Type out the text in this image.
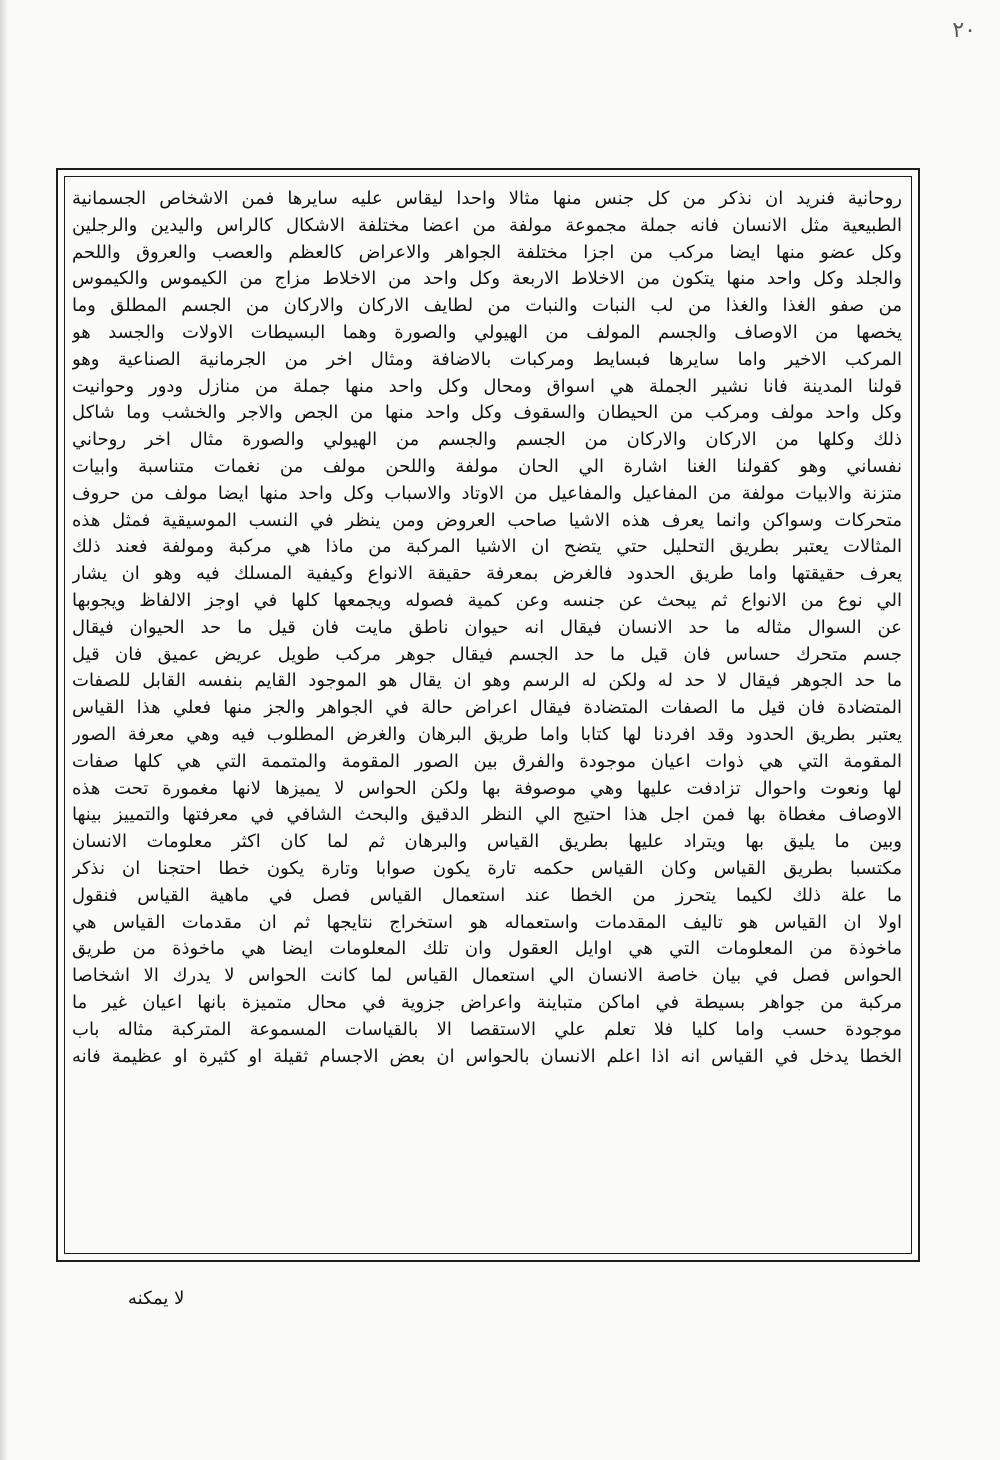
٢٠
روحانية فنريد ان نذكر من كل جنس منها مثالا واحدا ليقاس عليه سايرها فمن الاشخاص الجسمانية
الطبيعية مثل الانسان فانه جملة مجموعة مولفة من اعضا مختلفة الاشكال كالراس واليدين والرجلين
وكل عضو منها ايضا مركب من اجزا مختلفة الجواهر والاعراض كالعظم والعصب والعروق واللحم
والجلد وكل واحد منها يتكون من الاخلاط الاربعة وكل واحد من الاخلاط مزاج من الكيموس والكيموس
من صفو الغذا والغذا من لب النبات والنبات من لطايف الاركان والاركان من الجسم المطلق وما
يخصها من الاوصاف والجسم المولف من الهيولي والصورة وهما البسيطات الاولات والجسد هو
المركب الاخير واما سايرها فبسايط ومركبات بالاضافة ومثال اخر من الجرمانية الصناعية وهو
قولنا المدينة فانا نشير الجملة هي اسواق ومحال وكل واحد منها جملة من منازل ودور وحوانيت
وكل واحد مولف ومركب من الحيطان والسقوف وكل واحد منها من الجص والاجر والخشب وما شاكل
ذلك وكلها من الاركان والاركان من الجسم والجسم من الهيولي والصورة مثال اخر روحاني
نفساني وهو كقولنا الغنا اشارة الي الحان مولفة واللحن مولف من نغمات متناسبة وابيات
متزنة والابيات مولفة من المفاعيل والمفاعيل من الاوتاد والاسباب وكل واحد منها ايضا مولف من حروف
متحركات وسواكن وانما يعرف هذه الاشيا صاحب العروض ومن ينظر في النسب الموسيقية فمثل هذه
المثالات يعتبر بطريق التحليل حتي يتضح ان الاشيا المركبة من ماذا هي مركبة ومولفة فعند ذلك
يعرف حقيقتها واما طريق الحدود فالغرض بمعرفة حقيقة الانواع وكيفية المسلك فيه وهو ان يشار
الي نوع من الانواع ثم يبحث عن جنسه وعن كمية فصوله ويجمعها كلها في اوجز الالفاظ ويجوبها
عن السوال مثاله ما حد الانسان فيقال انه حيوان ناطق مايت فان قيل ما حد الحيوان فيقال
جسم متحرك حساس فان قيل ما حد الجسم فيقال جوهر مركب طويل عريض عميق فان قيل
ما حد الجوهر فيقال لا حد له ولكن له الرسم وهو ان يقال هو الموجود القايم بنفسه القابل للصفات
المتضادة فان قيل ما الصفات المتضادة فيقال اعراض حالة في الجواهر والجز منها فعلي هذا القياس
يعتبر بطريق الحدود وقد افردنا لها كتابا واما طريق البرهان والغرض المطلوب فيه وهي معرفة الصور
المقومة التي هي ذوات اعيان موجودة والفرق بين الصور المقومة والمتممة التي هي كلها صفات
لها ونعوت واحوال تزادفت عليها وهي موصوفة بها ولكن الحواس لا يميزها لانها مغمورة تحت هذه
الاوصاف مغطاة بها فمن اجل هذا احتيج الي النظر الدقيق والبحث الشافي في معرفتها والتمييز بينها
وبين ما يليق بها ويتراد عليها بطريق القياس والبرهان ثم لما كان اكثر معلومات الانسان
مكتسبا بطريق القياس وكان القياس حكمه تارة يكون صوابا وتارة يكون خطا احتجنا ان نذكر
ما علة ذلك لكيما يتحرز من الخطا عند استعمال القياس فصل في ماهية القياس فنقول
اولا ان القياس هو تاليف المقدمات واستعماله هو استخراج نتايجها ثم ان مقدمات القياس هي
ماخوذة من المعلومات التي هي اوايل العقول وان تلك المعلومات ايضا هي ماخوذة من طريق
الحواس فصل في بيان خاصة الانسان الي استعمال القياس لما كانت الحواس لا يدرك الا اشخاصا
مركبة من جواهر بسيطة في اماكن متباينة واعراض جزوية في محال متميزة بانها اعيان غير ما
موجودة حسب واما كليا فلا تعلم علي الاستقصا الا بالقياسات المسموعة المتركبة مثاله باب
الخطا يدخل في القياس انه اذا اعلم الانسان بالحواس ان بعض الاجسام ثقيلة او كثيرة او عظيمة فانه
لا يمكنه
